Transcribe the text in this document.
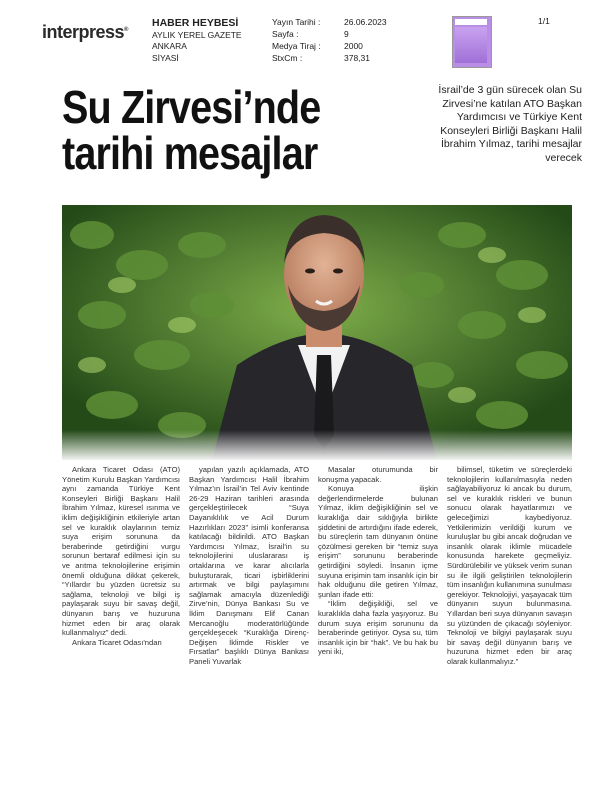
interpress®
HABER HEYBESİ
AYLIK YEREL GAZETE
ANKARA
SİYASİ
Yayın Tarihi :
Sayfa :
Medya Tiraj :
StxCm :
26.06.2023
9
2000
378,31
1/1
Su Zirvesi’nde
tarihi mesajlar
İsrail’de 3 gün sürecek olan Su Zirvesi’ne katılan ATO Başkan Yardımcısı ve Türkiye Kent Konseyleri Birliği Başkanı Halil İbrahim Yılmaz, tarihi mesajlar verecek

Ankara Ticaret Odası (ATO) Yönetim Kurulu Başkan Yardımcısı aynı zamanda Türkiye Kent Konseyleri Birliği Başkanı Halil İbrahim Yılmaz, küresel ısınma ve iklim değişikliğinin etkileriyle artan sel ve kuraklık olaylarının temiz suya erişim sorununa da beraberinde getirdiğini vurgu sorunun bertaraf edilmesi için su ve arıtma teknolojilerine erişimin önemli olduğuna dikkat çekerek, “Yıllardır bu yüzden ücretsiz su sağlama, teknoloji ve bilgi iş paylaşarak suyu bir savaş değil, dünyanın barış ve huzuruna hizmet eden bir araç olarak kullanmalıyız” dedi.

Ankara Ticaret Odası'ndan

yapılan yazılı açıklamada, ATO Başkan Yardımcısı Halil İbrahim Yılmaz’ın İsrail’in Tel Aviv kentinde 26-29 Haziran tarihleri arasında gerçekleştirilecek “Suya Dayanıklılık ve Acil Durum Hazırlıkları 2023” isimli konferansa katılacağı bildirildi. ATO Başkan Yardımcısı Yılmaz, İsrail’in su teknolojilerini uluslararası iş ortaklarına ve karar alıcılarla buluşturarak, ticari işbirliklerini artırmak ve bilgi paylaşımını sağlamak amacıyla düzenlediği Zirve’nin, Dünya Bankası Su ve İklim Danışmanı Elif Canan Mercanoğlu moderatörlüğünde gerçekleşecek “Kuraklığa Direnç-Değişen İklimde Riskler ve Fırsatlar” başlıklı Dünya Bankası Paneli Yuvarlak

Masalar oturumunda bir konuşma yapacak.

Konuya ilişkin değerlendirmelerde bulunan Yılmaz, iklim değişikliğinin sel ve kuraklığa dair sıklığıyla birlikte şiddetini de artırdığını ifade ederek, bu süreçlerin tam dünyanın önüne çözülmesi gereken bir “temiz suya erişim” sorununu beraberinde getirdiğini söyledi. İnsanın içme suyuna erişimin tam insanlık için bir hak olduğunu dile getiren Yılmaz, şunları ifade etti:

“İklim değişikliği, sel ve kuraklıkla daha fazla yaşıyoruz. Bu durum suya erişim sorununu da beraberinde getiriyor. Oysa su, tüm insanlık için bir “hak”. Ve bu hak bu yeni iki,

bilimsel, tüketim ve süreçlerdeki teknolojilerin kullanılmasıyla neden sağlayabiliyoruz ki ancak bu durum, sel ve kuraklık riskleri ve bunun sonucu olarak hayatlarımızı ve geleceğimizi kaybediyoruz. Yetkilerimizin verildiği kurum ve kuruluşlar bu gibi ancak doğrudan ve insanlık olarak iklimle mücadele konusunda harekete geçmeliyiz. Sürdürülebilir ve yüksek verim sunan su ile ilgili geliştirilen teknolojilerin tüm insanlığın kullanımına sunulması gerekiyor. Teknolojiyi, yaşayacak tüm dünyanın suyun bulunmasına. Yıllardan beri suya dünyanın savaşın su yüzünden de çıkacağı söyleniyor. Teknoloji ve bilgiyi paylaşarak suyu bir savaş değil dünyanın barış ve huzuruna hizmet eden bir araç olarak kullanmalıyız.”
